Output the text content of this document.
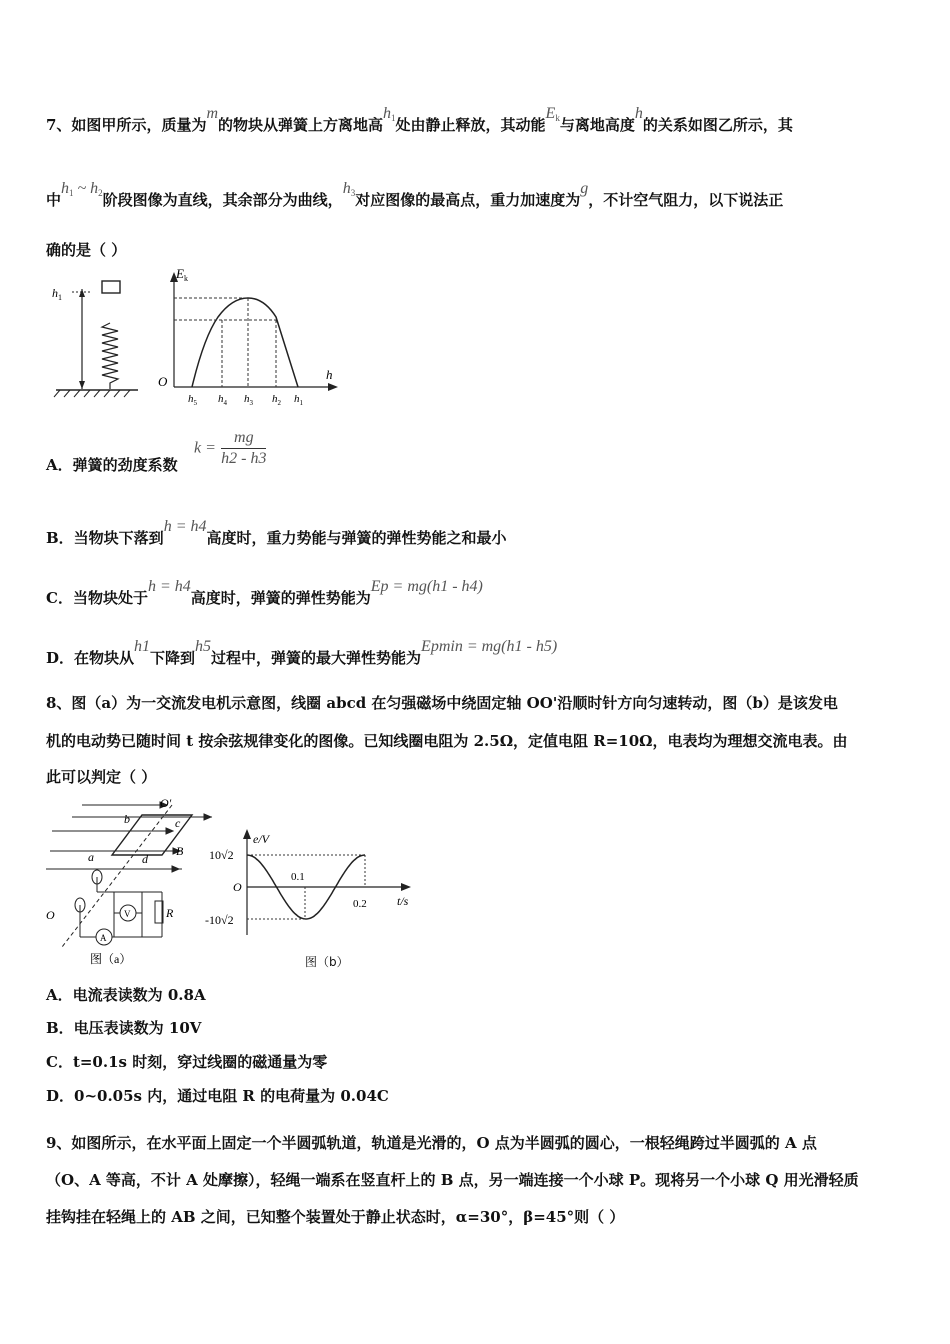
7、如图甲所示，质量为m的物块从弹簧上方离地高$h_1$处由静止释放，其动能$E_k$与离地高度h的关系如图乙所示，其
中$h_1$ ~ $h_2$阶段图像为直线，其余部分为曲线，$h_3$对应图像的最高点，重力加速度为g，不计空气阻力，以下说法正
确的是（ ）
$h_1$
$E_k$
h
O
$h_5$ $h_4$ $h_3$ $h_2$ $h_1$
A．弹簧的劲度系数
$k = \frac{mg}{h2 - h3}$
B．当物块下落到h = h4高度时，重力势能与弹簧的弹性势能之和最小
C．当物块处于h = h4高度时，弹簧的弹性势能为Ep = mg(h1 - h4)
D．在物块从h1下降到h5过程中，弹簧的最大弹性势能为Epmin = mg(h1 - h5)
8、图（a）为一交流发电机示意图，线圈 abcd 在匀强磁场中绕固定轴 OO'沿顺时针方向匀速转动，图（b）是该发电
机的电动势已随时间 t 按余弦规律变化的图像。已知线圈电阻为 2.5Ω，定值电阻 R=10Ω，电表均为理想交流电表。由
此可以判定（ ）
O'
b	c
a	d
B
O	V	R
A
图（a）
e/V
t/s
10√2
-10√2
O
0.1
0.2
图（b）
A．电流表读数为 0.8A
B．电压表读数为 10V
C．t=0.1s 时刻，穿过线圈的磁通量为零
D．0~0.05s 内，通过电阻 R 的电荷量为 0.04C
9、如图所示，在水平面上固定一个半圆弧轨道，轨道是光滑的，O 点为半圆弧的圆心，一根轻绳跨过半圆弧的 A 点
（O、A 等高，不计 A 处摩擦），轻绳一端系在竖直杆上的 B 点，另一端连接一个小球 P。现将另一个小球 Q 用光滑轻质
挂钩挂在轻绳上的 AB 之间，已知整个装置处于静止状态时，α=30°，β=45°则（ ）
